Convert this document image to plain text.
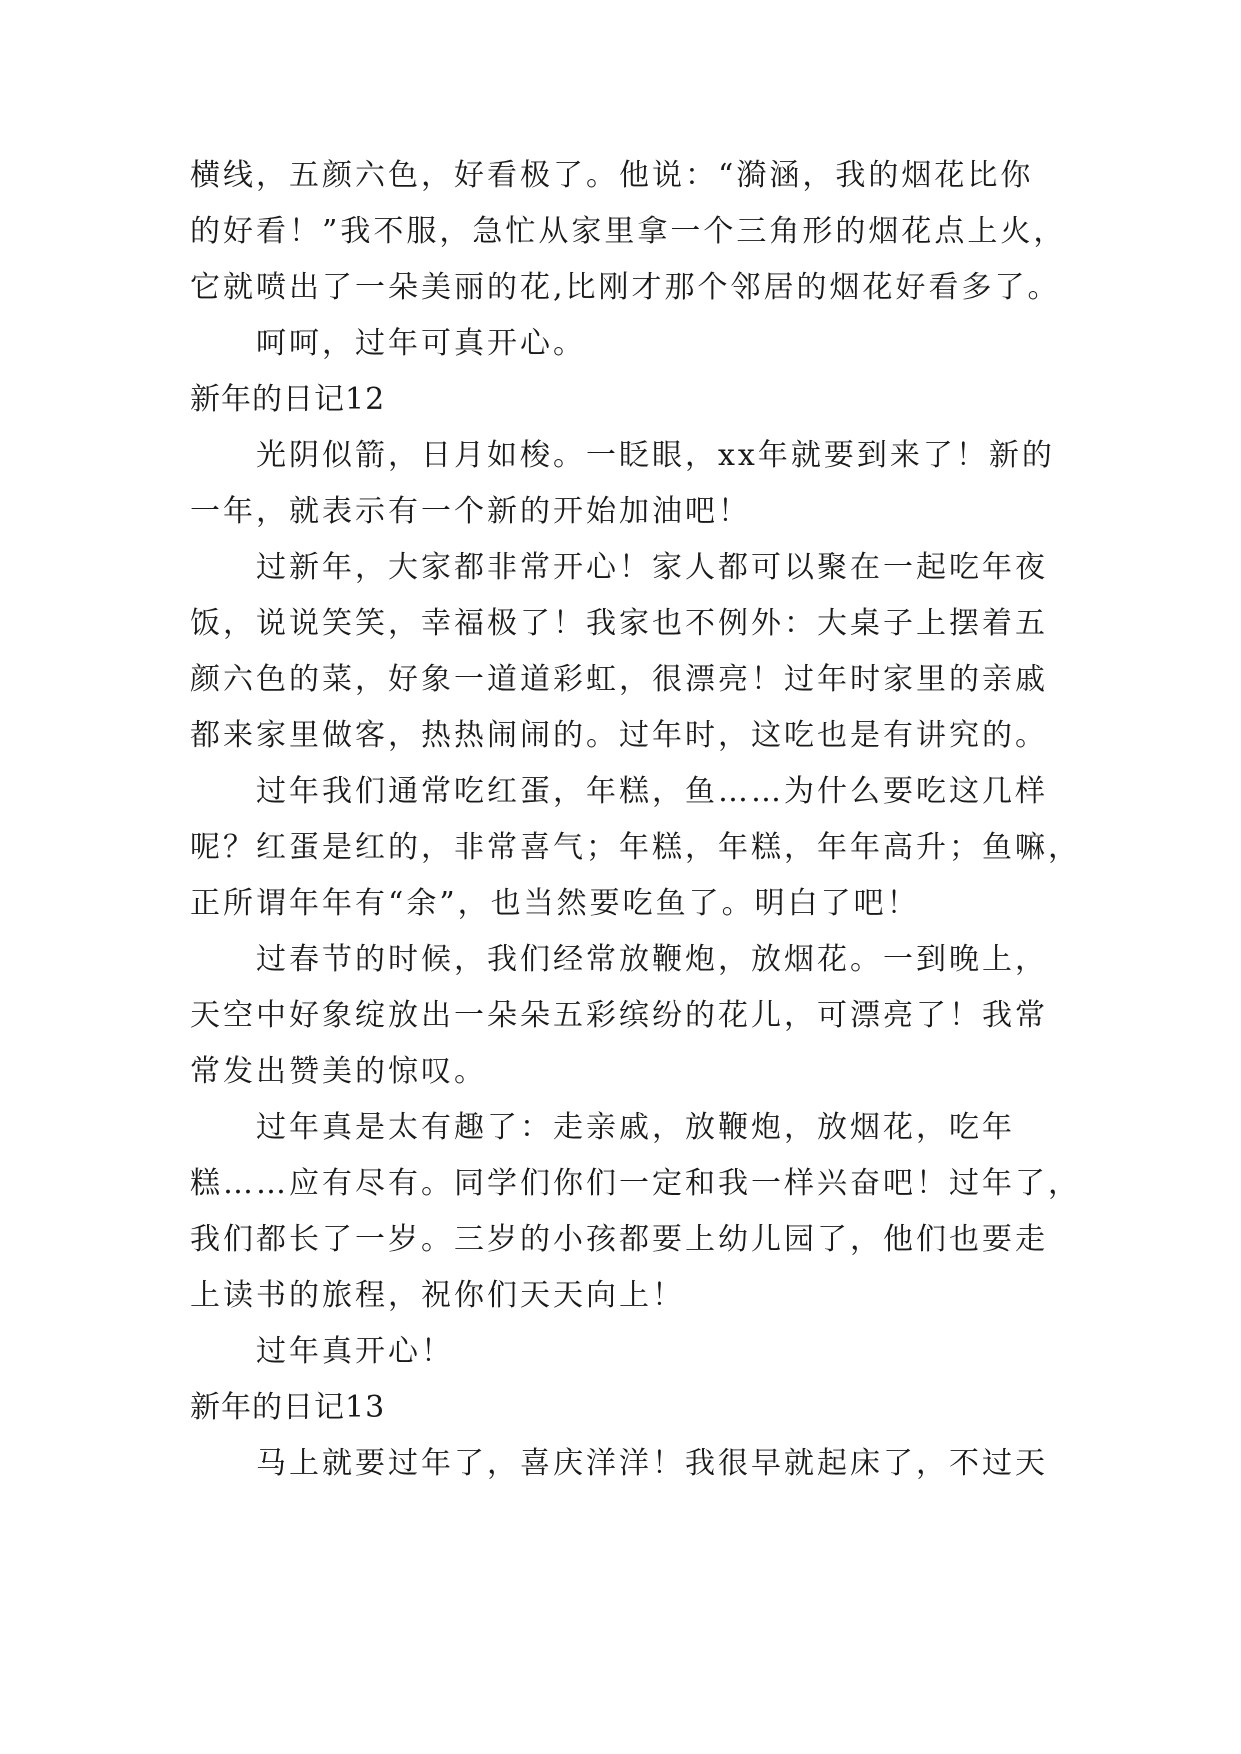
横线，五颜六色，好看极了。他说：“漪涵，我的烟花比你
的好看！”我不服，急忙从家里拿一个三角形的烟花点上火，
它就喷出了一朵美丽的花,比刚才那个邻居的烟花好看多了。
呵呵，过年可真开心。
新年的日记12
光阴似箭，日月如梭。一眨眼，xx年就要到来了！新的
一年，就表示有一个新的开始加油吧！
过新年，大家都非常开心！家人都可以聚在一起吃年夜
饭，说说笑笑，幸福极了！我家也不例外：大桌子上摆着五
颜六色的菜，好象一道道彩虹，很漂亮！过年时家里的亲戚
都来家里做客，热热闹闹的。过年时，这吃也是有讲究的。
过年我们通常吃红蛋，年糕，鱼……为什么要吃这几样
呢？红蛋是红的，非常喜气；年糕，年糕，年年高升；鱼嘛，
正所谓年年有“余”，也当然要吃鱼了。明白了吧！
过春节的时候，我们经常放鞭炮，放烟花。一到晚上，
天空中好象绽放出一朵朵五彩缤纷的花儿，可漂亮了！我常
常发出赞美的惊叹。
过年真是太有趣了：走亲戚，放鞭炮，放烟花，吃年
糕……应有尽有。同学们你们一定和我一样兴奋吧！过年了，
我们都长了一岁。三岁的小孩都要上幼儿园了，他们也要走
上读书的旅程，祝你们天天向上！
过年真开心！
新年的日记13
马上就要过年了，喜庆洋洋！我很早就起床了，不过天
